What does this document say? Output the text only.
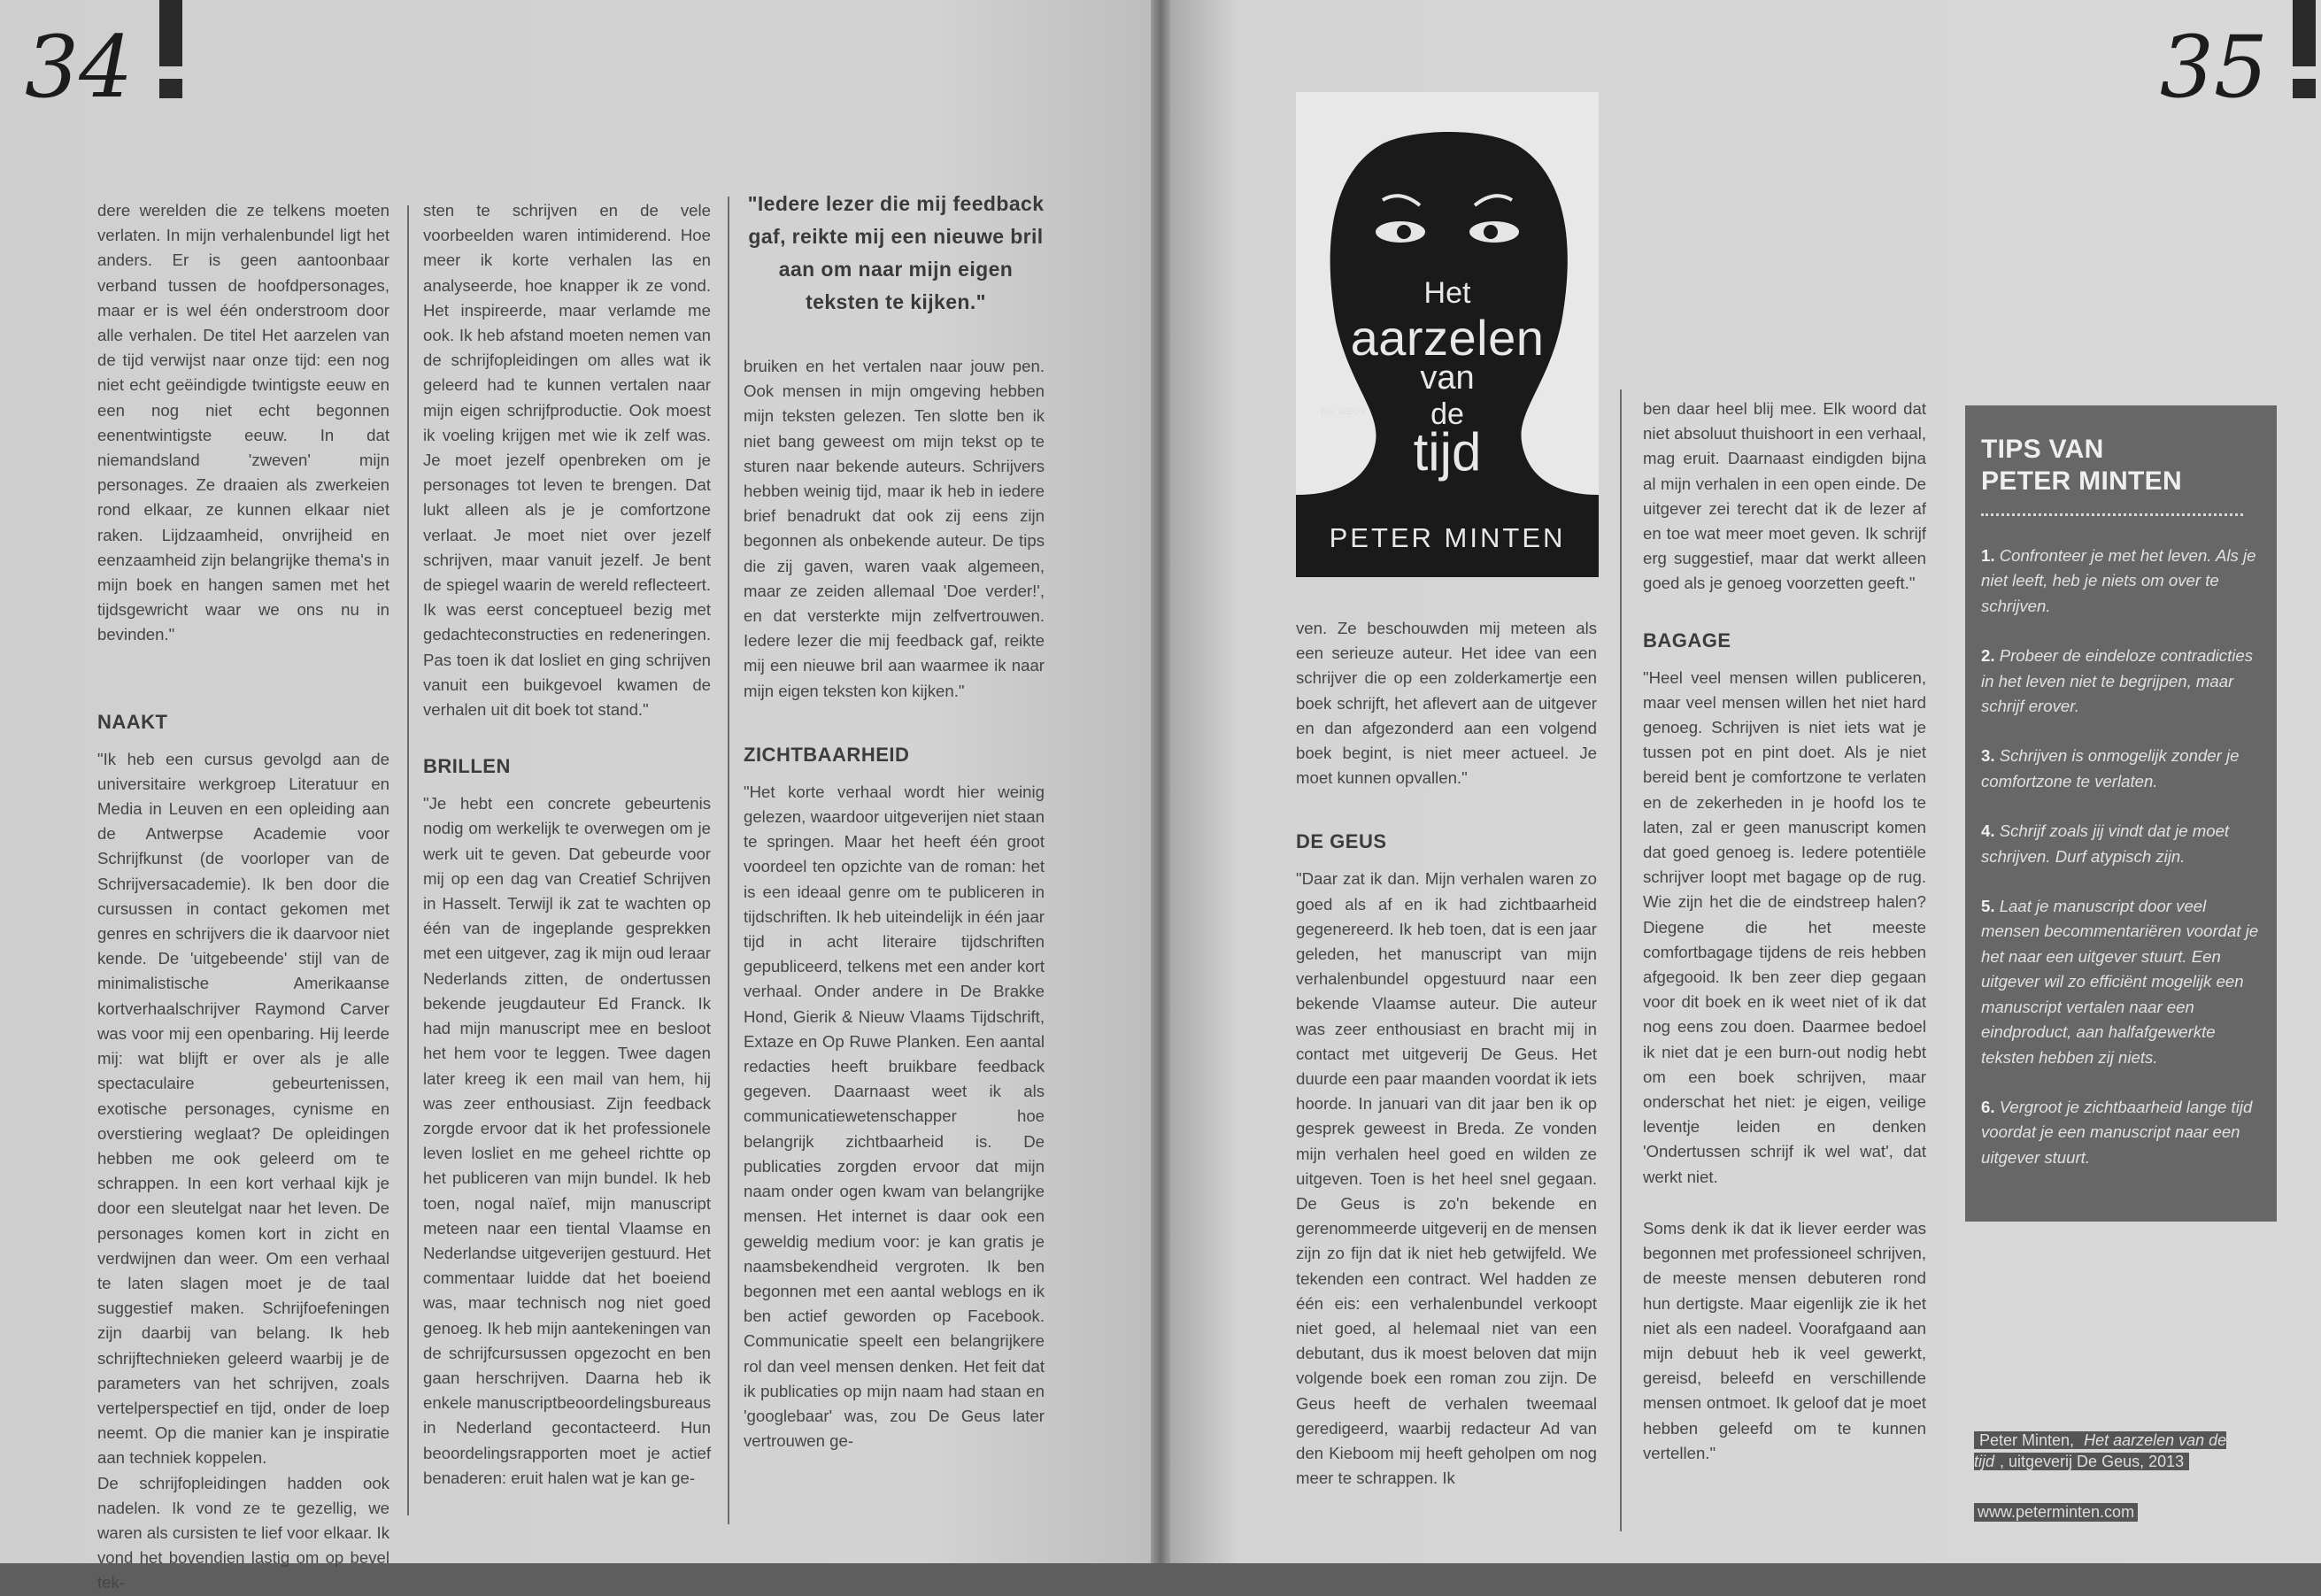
34

dere werelden die ze telkens moeten verlaten. In mijn verhalenbundel ligt het anders. Er is geen aantoonbaar verband tussen de hoofdpersonages, maar er is wel één onderstroom door alle verhalen. De titel Het aarzelen van de tijd verwijst naar onze tijd: een nog niet echt geëindigde twintigste eeuw en een nog niet echt begonnen eenentwintigste eeuw. In dat niemandsland 'zweven' mijn personages. Ze draaien als zwerkeien rond elkaar, ze kunnen elkaar niet raken. Lijdzaamheid, onvrijheid en eenzaamheid zijn belangrijke thema's in mijn boek en hangen samen met het tijdsgewricht waar we ons nu in bevinden."

NAAKT

"Ik heb een cursus gevolgd aan de universitaire werkgroep Literatuur en Media in Leuven en een opleiding aan de Antwerpse Academie voor Schrijfkunst (de voorloper van de Schrijversacademie). Ik ben door die cursussen in contact gekomen met genres en schrijvers die ik daarvoor niet kende. De 'uitgebeende' stijl van de minimalistische Amerikaanse kortverhaalschrijver Raymond Carver was voor mij een openbaring. Hij leerde mij: wat blijft er over als je alle spectaculaire gebeurtenissen, exotische personages, cynisme en overstiering weglaat? De opleidingen hebben me ook geleerd om te schrappen. In een kort verhaal kijk je door een sleutelgat naar het leven. De personages komen kort in zicht en verdwijnen dan weer. Om een verhaal te laten slagen moet je de taal suggestief maken. Schrijfoefeningen zijn daarbij van belang. Ik heb schrijftechnieken geleerd waarbij je de parameters van het schrijven, zoals vertelperspectief en tijd, onder de loep neemt. Op die manier kan je inspiratie aan techniek koppelen.

De schrijfopleidingen hadden ook nadelen. Ik vond ze te gezellig, we waren als cursisten te lief voor elkaar. Ik vond het bovendien lastig om op bevel tek-

sten te schrijven en de vele voorbeelden waren intimiderend. Hoe meer ik korte verhalen las en analyseerde, hoe knapper ik ze vond. Het inspireerde, maar verlamde me ook. Ik heb afstand moeten nemen van de schrijfopleidingen om alles wat ik geleerd had te kunnen vertalen naar mijn eigen schrijfproductie. Ook moest ik voeling krijgen met wie ik zelf was. Je moet jezelf openbreken om je personages tot leven te brengen. Dat lukt alleen als je je comfortzone verlaat. Je moet niet over jezelf schrijven, maar vanuit jezelf. Je bent de spiegel waarin de wereld reflecteert. Ik was eerst conceptueel bezig met gedachteconstructies en redeneringen. Pas toen ik dat losliet en ging schrijven vanuit een buikgevoel kwamen de verhalen uit dit boek tot stand."

BRILLEN

"Je hebt een concrete gebeurtenis nodig om werkelijk te overwegen om je werk uit te geven. Dat gebeurde voor mij op een dag van Creatief Schrijven in Hasselt. Terwijl ik zat te wachten op één van de ingeplande gesprekken met een uitgever, zag ik mijn oud leraar Nederlands zitten, de ondertussen bekende jeugdauteur Ed Franck. Ik had mijn manuscript mee en besloot het hem voor te leggen. Twee dagen later kreeg ik een mail van hem, hij was zeer enthousiast. Zijn feedback zorgde ervoor dat ik het professionele leven losliet en me geheel richtte op het publiceren van mijn bundel. Ik heb toen, nogal naïef, mijn manuscript meteen naar een tiental Vlaamse en Nederlandse uitgeverijen gestuurd. Het commentaar luidde dat het boeiend was, maar technisch nog niet goed genoeg. Ik heb mijn aantekeningen van de schrijfcursussen opgezocht en ben gaan herschrijven. Daarna heb ik enkele manuscriptbeoordelingsbureaus in Nederland gecontacteerd. Hun beoordelingsrapporten moet je actief benaderen: eruit halen wat je kan ge-

"Iedere lezer die mij feedback gaf, reikte mij een nieuwe bril aan om naar mijn eigen teksten te kijken."

bruiken en het vertalen naar jouw pen. Ook mensen in mijn omgeving hebben mijn teksten gelezen. Ten slotte ben ik niet bang geweest om mijn tekst op te sturen naar bekende auteurs. Schrijvers hebben weinig tijd, maar ik heb in iedere brief benadrukt dat ook zij eens zijn begonnen als onbekende auteur. De tips die zij gaven, waren vaak algemeen, maar ze zeiden allemaal 'Doe verder!', en dat versterkte mijn zelfvertrouwen. Iedere lezer die mij feedback gaf, reikte mij een nieuwe bril aan waarmee ik naar mijn eigen teksten kon kijken."

ZICHTBAARHEID

"Het korte verhaal wordt hier weinig gelezen, waardoor uitgeverijen niet staan te springen. Maar het heeft één groot voordeel ten opzichte van de roman: het is een ideaal genre om te publiceren in tijdschriften. Ik heb uiteindelijk in één jaar tijd in acht literaire tijdschriften gepubliceerd, telkens met een ander kort verhaal. Onder andere in De Brakke Hond, Gierik & Nieuw Vlaams Tijdschrift, Extaze en Op Ruwe Planken. Een aantal redacties heeft bruikbare feedback gegeven. Daarnaast weet ik als communicatiewetenschapper hoe belangrijk zichtbaarheid is. De publicaties zorgden ervoor dat mijn naam onder ogen kwam van belangrijke mensen. Het internet is daar ook een geweldig medium voor: je kan gratis je naamsbekendheid vergroten. Ik ben begonnen met een aantal weblogs en ik ben actief geworden op Facebook. Communicatie speelt een belangrijkere rol dan veel mensen denken. Het feit dat ik publicaties op mijn naam had staan en 'googlebaar' was, zou De Geus later vertrouwen ge-

35
Het
aarzelen
van
de
tijd
DE GEUS
PETER MINTEN

ven. Ze beschouwden mij meteen als een serieuze auteur. Het idee van een schrijver die op een zolderkamertje een boek schrijft, het aflevert aan de uitgever en dan afgezonderd aan een volgend boek begint, is niet meer actueel. Je moet kunnen opvallen."

DE GEUS

"Daar zat ik dan. Mijn verhalen waren zo goed als af en ik had zichtbaarheid gegenereerd. Ik heb toen, dat is een jaar geleden, het manuscript van mijn verhalenbundel opgestuurd naar een bekende Vlaamse auteur. Die auteur was zeer enthousiast en bracht mij in contact met uitgeverij De Geus. Het duurde een paar maanden voordat ik iets hoorde. In januari van dit jaar ben ik op gesprek geweest in Breda. Ze vonden mijn verhalen heel goed en wilden ze uitgeven. Toen is het heel snel gegaan. De Geus is zo'n bekende en gerenommeerde uitgeverij en de mensen zijn zo fijn dat ik niet heb getwijfeld. We tekenden een contract. Wel hadden ze één eis: een verhalenbundel verkoopt niet goed, al helemaal niet van een debutant, dus ik moest beloven dat mijn volgende boek een roman zou zijn. De Geus heeft de verhalen tweemaal geredigeerd, waarbij redacteur Ad van den Kieboom mij heeft geholpen om nog meer te schrappen. Ik

ben daar heel blij mee. Elk woord dat niet absoluut thuishoort in een verhaal, mag eruit. Daarnaast eindigden bijna al mijn verhalen in een open einde. De uitgever zei terecht dat ik de lezer af en toe wat meer moet geven. Ik schrijf erg suggestief, maar dat werkt alleen goed als je genoeg voorzetten geeft."

BAGAGE

"Heel veel mensen willen publiceren, maar veel mensen willen het niet hard genoeg. Schrijven is niet iets wat je tussen pot en pint doet. Als je niet bereid bent je comfortzone te verlaten en de zekerheden in je hoofd los te laten, zal er geen manuscript komen dat goed genoeg is. Iedere potentiële schrijver loopt met bagage op de rug. Wie zijn het die de eindstreep halen? Diegene die het meeste comfortbagage tijdens de reis hebben afgegooid. Ik ben zeer diep gegaan voor dit boek en ik weet niet of ik dat nog eens zou doen. Daarmee bedoel ik niet dat je een burn-out nodig hebt om een boek schrijven, maar onderschat het niet: je eigen, veilige leventje leiden en denken 'Ondertussen schrijf ik wel wat', dat werkt niet.

Soms denk ik dat ik liever eerder was begonnen met professioneel schrijven, de meeste mensen debuteren rond hun dertigste. Maar eigenlijk zie ik het niet als een nadeel. Voorafgaand aan mijn debuut heb ik veel gewerkt, gereisd, beleefd en verschillende mensen ontmoet. Ik geloof dat je moet hebben geleefd om te kunnen vertellen."

TIPS VAN
PETER MINTEN
1. Confronteer je met het leven. Als je niet leeft, heb je niets om over te schrijven.
2. Probeer de eindeloze contradicties in het leven niet te begrijpen, maar schrijf erover.
3. Schrijven is onmogelijk zonder je comfortzone te verlaten.
4. Schrijf zoals jij vindt dat je moet schrijven. Durf atypisch zijn.
5. Laat je manuscript door veel mensen becommentariëren voordat je het naar een uitgever stuurt. Een uitgever wil zo efficiënt mogelijk een manuscript vertalen naar een eindproduct, aan halfafgewerkte teksten hebben zij niets.
6. Vergroot je zichtbaarheid lange tijd voordat je een manuscript naar een uitgever stuurt.
Peter Minten, Het aarzelen van de tijd , uitgeverij De Geus, 2013
www.peterminten.com
